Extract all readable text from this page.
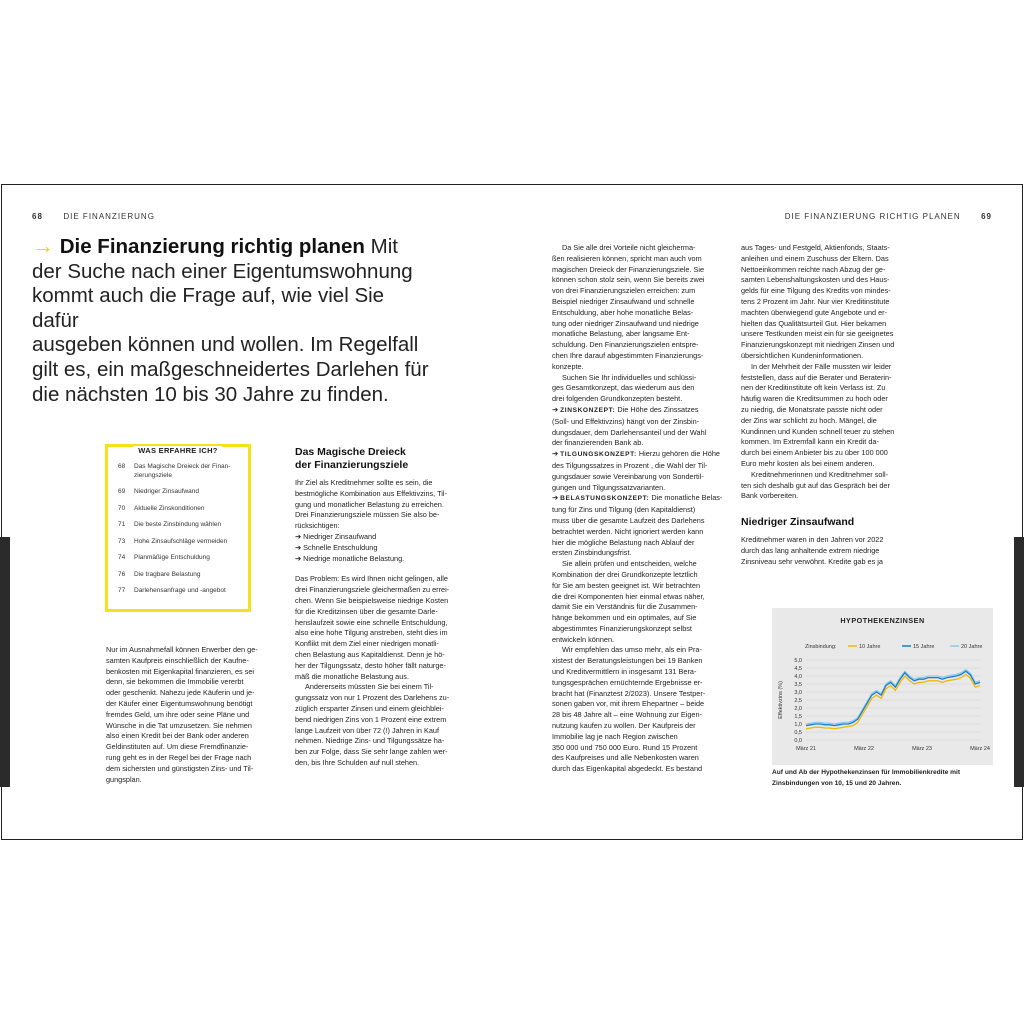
68	DIE FINANZIERUNG	DIE FINANZIERUNG RICHTIG PLANEN	69
→ Die Finanzierung richtig planen Mit
der Suche nach einer Eigentumswohnung
kommt auch die Frage auf, wie viel Sie dafür
ausgeben können und wollen. Im Regelfall
gilt es, ein maßgeschneidertes Darlehen für
die nächsten 10 bis 30 Jahre zu finden.
WAS ERFAHRE ICH?
68	Das Magische Dreieck der Finan-zierungsziele
69	Niedriger Zinsaufwand
70	Aktuelle Zinskonditionen
71	Die beste Zinsbindung wählen
73	Hohe Zinsaufschläge vermeiden
74	Planmäßige Entschuldung
76	Die tragbare Belastung
77	Darlehensanfrage und -angebot

Nur im Ausnahmefall können Erwerber den ge-

samten Kaufpreis einschließlich der Kaufne-

benkosten mit Eigenkapital finanzieren, es sei

denn, sie bekommen die Immobilie vererbt

oder geschenkt. Nahezu jede Käuferin und je-

der Käufer einer Eigentumswohnung benötigt

fremdes Geld, um ihre oder seine Pläne und

Wünsche in die Tat umzusetzen. Sie nehmen

also einen Kredit bei der Bank oder anderen

Geldinstituten auf. Um diese Fremdfinanzie-

rung geht es in der Regel bei der Frage nach

dem sichersten und günstigsten Zins- und Til-

gungsplan.

Das Magische Dreieck
der Finanzierungsziele

Ihr Ziel als Kreditnehmer sollte es sein, die

bestmögliche Kombination aus Effektivzins, Til-

gung und monatlicher Belastung zu erreichen.

Drei Finanzierungsziele müssen Sie also be-

rücksichtigen:

➔ Niedriger Zinsaufwand

➔ Schnelle Entschuldung

➔ Niedrige monatliche Belastung.

Das Problem: Es wird Ihnen nicht gelingen, alle

drei Finanzierungsziele gleichermaßen zu errei-

chen. Wenn Sie beispielsweise niedrige Kosten

für die Kreditzinsen über die gesamte Darle-

henslaufzeit sowie eine schnelle Entschuldung,

also eine hohe Tilgung anstreben, steht dies im

Konflikt mit dem Ziel einer niedrigen monatli-

chen Belastung aus Kapitaldienst. Denn je hö-

her der Tilgungssatz, desto höher fällt naturge-

mäß die monatliche Belastung aus.

Andererseits müssten Sie bei einem Til-

gungssatz von nur 1 Prozent des Darlehens zu-

züglich ersparter Zinsen und einem gleichblei-

bend niedrigen Zins von 1 Prozent eine extrem

lange Laufzeit von über 72 (!) Jahren in Kauf

nehmen. Niedrige Zins- und Tilgungssätze ha-

ben zur Folge, dass Sie sehr lange zahlen wer-

den, bis Ihre Schulden auf null stehen.

Da Sie alle drei Vorteile nicht gleicherma-

ßen realisieren können, spricht man auch vom

magischen Dreieck der Finanzierungsziele. Sie

können schon stolz sein, wenn Sie bereits zwei

von drei Finanzierungszielen erreichen: zum

Beispiel niedriger Zinsaufwand und schnelle

Entschuldung, aber hohe monatliche Belas-

tung oder niedriger Zinsaufwand und niedrige

monatliche Belastung, aber langsame Ent-

schuldung. Den Finanzierungszielen entspre-

chen Ihre darauf abgestimmten Finanzierungs-

konzepte.

Suchen Sie Ihr individuelles und schlüssi-

ges Gesamtkonzept, das wiederum aus den

drei folgenden Grundkonzepten besteht.

➔ ZINSKONZEPT: Die Höhe des Zinssatzes

(Soll- und Effektivzins) hängt von der Zinsbin-

dungsdauer, dem Darlehensanteil und der Wahl

der finanzierenden Bank ab.

➔ TILGUNGSKONZEPT: Hierzu gehören die Höhe

des Tilgungssatzes in Prozent , die Wahl der Til-

gungsdauer sowie Vereinbarung von Sondertil-

gungen und Tilgungssatzvarianten.

➔ BELASTUNGSKONZEPT: Die monatliche Belas-

tung für Zins und Tilgung (den Kapitaldienst)

muss über die gesamte Laufzeit des Darlehens

betrachtet werden. Nicht ignoriert werden kann

hier die mögliche Belastung nach Ablauf der

ersten Zinsbindungsfrist.

Sie allein prüfen und entscheiden, welche

Kombination der drei Grundkonzepte letztlich

für Sie am besten geeignet ist. Wir betrachten

die drei Komponenten hier einmal etwas näher,

damit Sie ein Verständnis für die Zusammen-

hänge bekommen und ein optimales, auf Sie

abgestimmtes Finanzierungskonzept selbst

entwickeln können.

Wir empfehlen das umso mehr, als ein Pra-

xistest der Beratungsleistungen bei 19 Banken

und Kreditvermittlern in insgesamt 131 Bera-

tungsgesprächen ernüchternde Ergebnisse er-

bracht hat (Finanztest 2/2023). Unsere Testper-

sonen gaben vor, mit ihrem Ehepartner – beide

28 bis 48 Jahre alt – eine Wohnung zur Eigen-

nutzung kaufen zu wollen. Der Kaufpreis der

Immobilie lag je nach Region zwischen

350 000 und 750 000 Euro. Rund 15 Prozent

des Kaufpreises und alle Nebenkosten waren

durch das Eigenkapital abgedeckt. Es bestand

aus Tages- und Festgeld, Aktienfonds, Staats-

anleihen und einem Zuschuss der Eltern. Das

Nettoeinkommen reichte nach Abzug der ge-

samten Lebenshaltungskosten und des Haus-

gelds für eine Tilgung des Kredits von mindes-

tens 2 Prozent im Jahr. Nur vier Kreditinstitute

machten überwiegend gute Angebote und er-

hielten das Qualitätsurteil Gut. Hier bekamen

unsere Testkunden meist ein für sie geeignetes

Finanzierungskonzept mit niedrigen Zinsen und

übersichtlichen Kundeninformationen.

In der Mehrheit der Fälle mussten wir leider

feststellen, dass auf die Berater und Beraterin-

nen der Kreditinstitute oft kein Verlass ist. Zu

häufig waren die Kreditsummen zu hoch oder

zu niedrig, die Monatsrate passte nicht oder

der Zins war schlicht zu hoch. Mängel, die

Kundinnen und Kunden schnell teuer zu stehen

kommen. Im Extremfall kann ein Kredit da-

durch bei einem Anbieter bis zu über 100 000

Euro mehr kosten als bei einem anderen.

Kreditnehmerinnen und Kreditnehmer soll-

ten sich deshalb gut auf das Gespräch bei der

Bank vorbereiten.

Niedriger Zinsaufwand

Kreditnehmer waren in den Jahren vor 2022

durch das lang anhaltende extrem niedrige

Zinsniveau sehr verwöhnt. Kredite gab es ja

HYPOTHEKENZINSEN
0,0
0,5
1,0
1,5
2,0
2,5
3,0
3,5
4,0
4,5
5,0
März 21	März 22	März 23	März 24
Effektivzins (%)
Zinsbindung:	10 Jahre	15 Jahre	20 Jahre
Auf und Ab der Hypothekenzinsen für Immobilienkredite mit
Zinsbindungen von 10, 15 und 20 Jahren.
